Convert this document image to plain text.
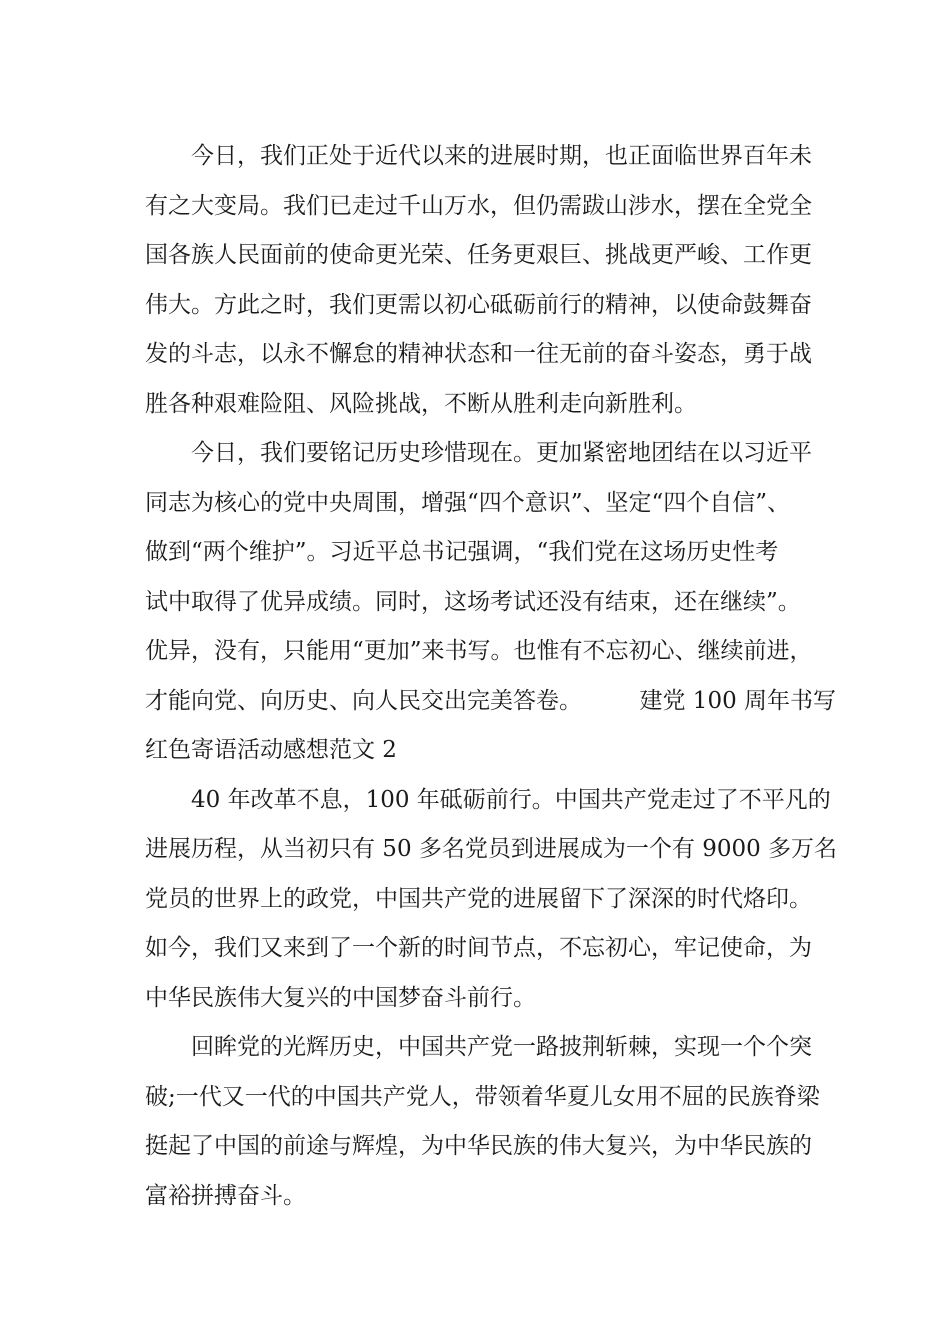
今日，我们正处于近代以来的进展时期，也正面临世界百年未
有之大变局。我们已走过千山万水，但仍需跋山涉水，摆在全党全
国各族人民面前的使命更光荣、任务更艰巨、挑战更严峻、工作更
伟大。方此之时，我们更需以初心砥砺前行的精神，以使命鼓舞奋
发的斗志，以永不懈怠的精神状态和一往无前的奋斗姿态，勇于战
胜各种艰难险阻、风险挑战，不断从胜利走向新胜利。
今日，我们要铭记历史珍惜现在。更加紧密地团结在以习近平
同志为核心的党中央周围，增强“四个意识”、坚定“四个自信”、
做到“两个维护”。习近平总书记强调，“我们党在这场历史性考
试中取得了优异成绩。同时，这场考试还没有结束，还在继续”。
优异，没有，只能用“更加”来书写。也惟有不忘初心、继续前进，
才能向党、向历史、向人民交出完美答卷。　　　建党 100 周年书写
红色寄语活动感想范文 2
40 年改革不息，100 年砥砺前行。中国共产党走过了不平凡的
进展历程，从当初只有 50 多名党员到进展成为一个有 9000 多万名
党员的世界上的政党，中国共产党的进展留下了深深的时代烙印。
如今，我们又来到了一个新的时间节点，不忘初心，牢记使命，为
中华民族伟大复兴的中国梦奋斗前行。
回眸党的光辉历史，中国共产党一路披荆斩棘，实现一个个突
破;一代又一代的中国共产党人，带领着华夏儿女用不屈的民族脊梁
挺起了中国的前途与辉煌，为中华民族的伟大复兴，为中华民族的
富裕拼搏奋斗。
